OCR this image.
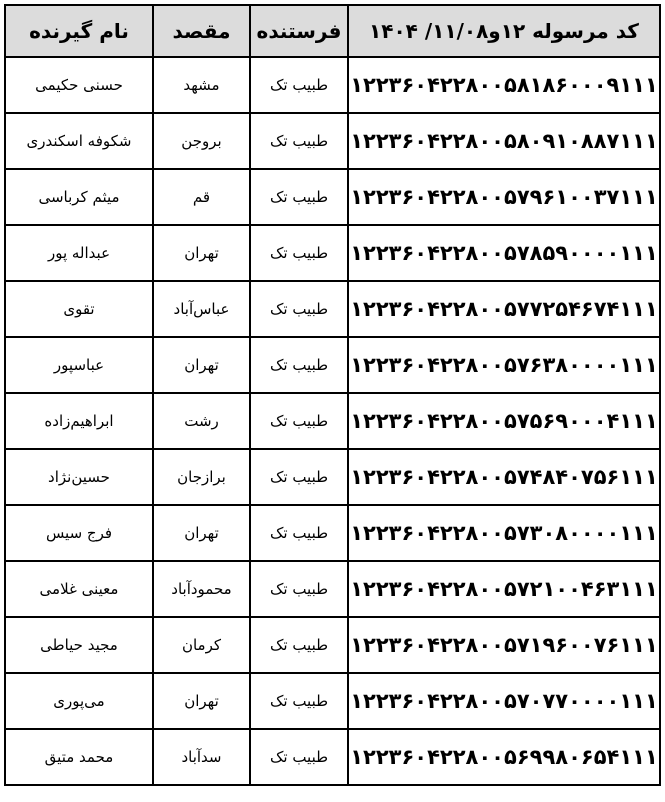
کد مرسوله ۱۲و۱۱/۰۸/ ۱۴۰۴	فرستنده	مقصد	نام گیرنده
۱۲۲۳۶۰۴۲۲۸۰۰۵۸۱۸۶۰۰۰۹۱۱۱	طبیب تک	مشهد	حسنی حکیمی
۱۲۲۳۶۰۴۲۲۸۰۰۵۸۰۹۱۰۸۸۷۱۱۱	طبیب تک	بروجن	شکوفه اسکندری
۱۲۲۳۶۰۴۲۲۸۰۰۵۷۹۶۱۰۰۳۷۱۱۱	طبیب تک	قم	میثم کرباسی
۱۲۲۳۶۰۴۲۲۸۰۰۵۷۸۵۹۰۰۰۰۱۱۱	طبیب تک	تهران	عبداله پور
۱۲۲۳۶۰۴۲۲۸۰۰۵۷۷۲۵۴۶۷۴۱۱۱	طبیب تک	عباس‌آباد	تقوی
۱۲۲۳۶۰۴۲۲۸۰۰۵۷۶۳۸۰۰۰۰۱۱۱	طبیب تک	تهران	عباسپور
۱۲۲۳۶۰۴۲۲۸۰۰۵۷۵۶۹۰۰۰۴۱۱۱	طبیب تک	رشت	ابراهیم‌زاده
۱۲۲۳۶۰۴۲۲۸۰۰۵۷۴۸۴۰۷۵۶۱۱۱	طبیب تک	برازجان	حسین‌نژاد
۱۲۲۳۶۰۴۲۲۸۰۰۵۷۳۰۸۰۰۰۰۱۱۱	طبیب تک	تهران	فرج سیس
۱۲۲۳۶۰۴۲۲۸۰۰۵۷۲۱۰۰۴۶۳۱۱۱	طبیب تک	محمودآباد	معینی غلامی
۱۲۲۳۶۰۴۲۲۸۰۰۵۷۱۹۶۰۰۷۶۱۱۱	طبیب تک	کرمان	مجید حیاطی
۱۲۲۳۶۰۴۲۲۸۰۰۵۷۰۷۷۰۰۰۰۱۱۱	طبیب تک	تهران	می‌پوری
۱۲۲۳۶۰۴۲۲۸۰۰۵۶۹۹۸۰۶۵۴۱۱۱	طبیب تک	سدآباد	محمد متیق
